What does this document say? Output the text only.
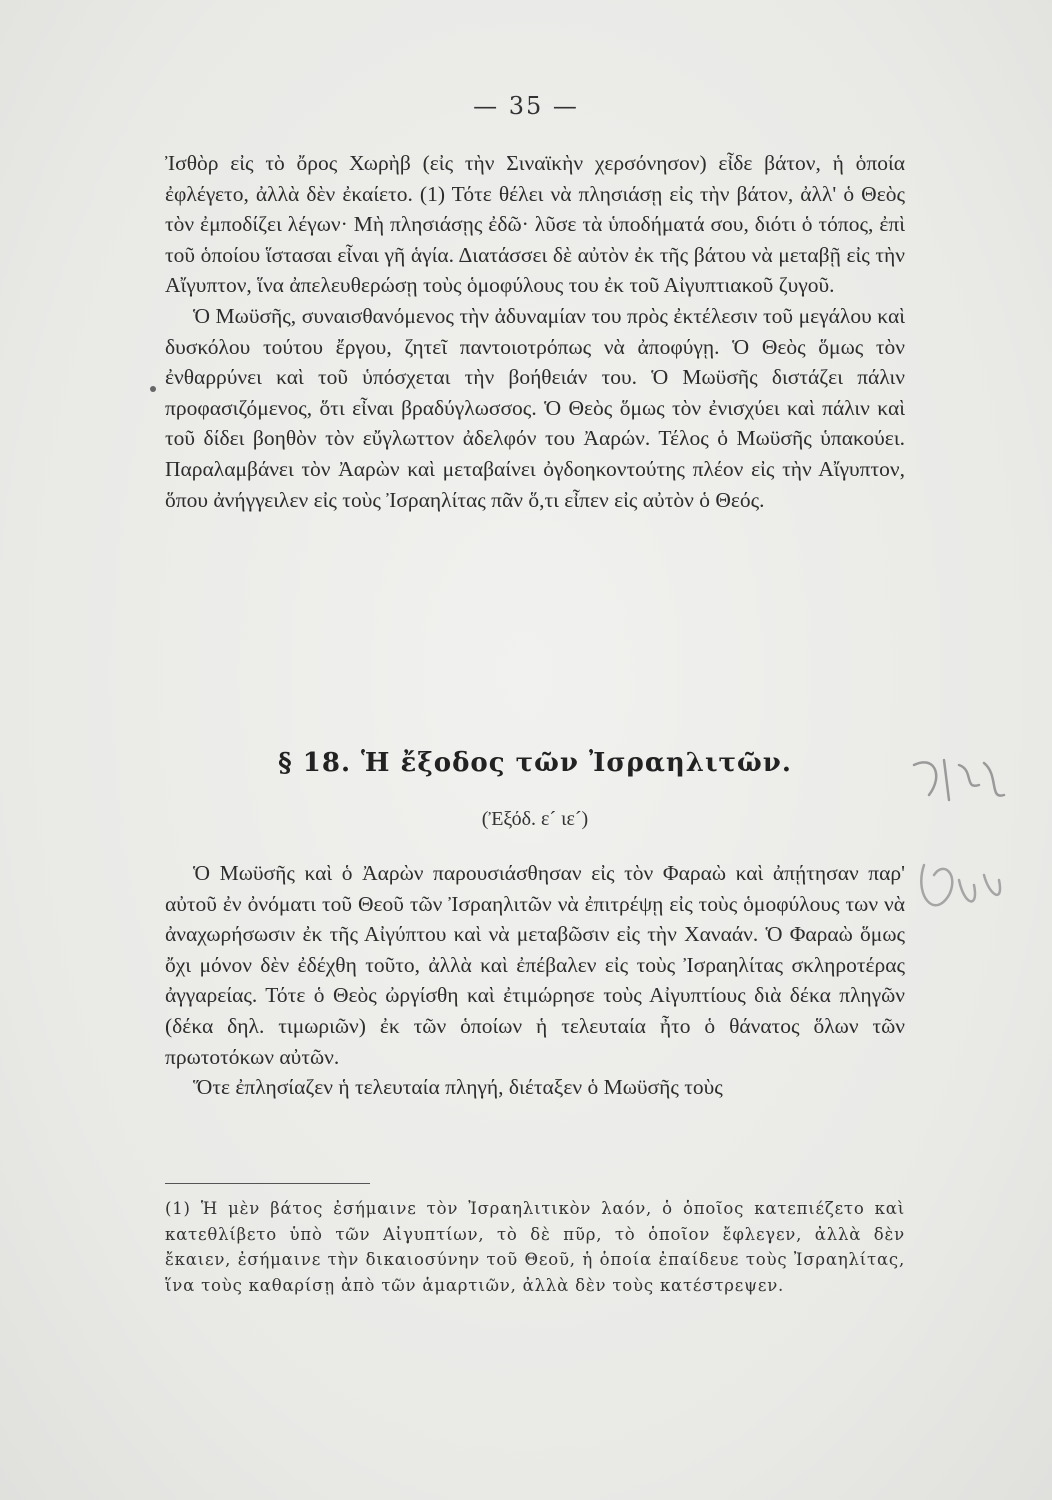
— 35 —

Ἰσθὸρ εἰς τὸ ὄρος Χωρὴβ (εἰς τὴν Σιναϊκὴν χερσόνησον) εἶδε βάτον, ἡ ὁποία ἐφλέγετο, ἀλλὰ δὲν ἐκαίετο. (1) Τότε θέλει νὰ πλησιάσῃ εἰς τὴν βάτον, ἀλλ' ὁ Θεὸς τὸν ἐμποδίζει λέγων· Μὴ πλησιάσῃς ἐδῶ· λῦσε τὰ ὑποδήματά σου, διότι ὁ τόπος, ἐπὶ τοῦ ὁποίου ἵστασαι εἶναι γῆ ἁγία. Διατάσσει δὲ αὐτὸν ἐκ τῆς βάτου νὰ μεταβῇ εἰς τὴν Αἴγυπτον, ἵνα ἀπελευθερώσῃ τοὺς ὁμοφύλους του ἐκ τοῦ Αἰγυπτιακοῦ ζυγοῦ.

Ὁ Μωϋσῆς, συναισθανόμενος τὴν ἀδυναμίαν του πρὸς ἐκτέλεσιν τοῦ μεγάλου καὶ δυσκόλου τούτου ἔργου, ζητεῖ παντοιοτρόπως νὰ ἀποφύγῃ. Ὁ Θεὸς ὅμως τὸν ἐνθαρρύνει καὶ τοῦ ὑπόσχεται τὴν βοήθειάν του. Ὁ Μωϋσῆς διστάζει πάλιν προφασιζόμενος, ὅτι εἶναι βραδύγλωσσος. Ὁ Θεὸς ὅμως τὸν ἐνισχύει καὶ πάλιν καὶ τοῦ δίδει βοηθὸν τὸν εὔγλωττον ἀδελφόν του Ἀαρών. Τέλος ὁ Μωϋσῆς ὑπακούει. Παραλαμβάνει τὸν Ἀαρὼν καὶ μεταβαίνει ὀγδοηκοντούτης πλέον εἰς τὴν Αἴγυπτον, ὅπου ἀνήγγειλεν εἰς τοὺς Ἰσραηλίτας πᾶν ὅ,τι εἶπεν εἰς αὐτὸν ὁ Θεός.

§ 18. Ἡ ἔξοδος τῶν Ἰσραηλιτῶν.
(Ἐξόδ. ε´ ιε´)

Ὁ Μωϋσῆς καὶ ὁ Ἀαρὼν παρουσιάσθησαν εἰς τὸν Φαραὼ καὶ ἀπῄτησαν παρ' αὐτοῦ ἐν ὀνόματι τοῦ Θεοῦ τῶν Ἰσραηλιτῶν νὰ ἐπιτρέψῃ εἰς τοὺς ὁμοφύλους των νὰ ἀναχωρήσωσιν ἐκ τῆς Αἰγύπτου καὶ νὰ μεταβῶσιν εἰς τὴν Χαναάν. Ὁ Φαραὼ ὅμως ὄχι μόνον δὲν ἐδέχθη τοῦτο, ἀλλὰ καὶ ἐπέβαλεν εἰς τοὺς Ἰσραηλίτας σκληροτέρας ἀγγαρείας. Τότε ὁ Θεὸς ὠργίσθη καὶ ἐτιμώρησε τοὺς Αἰγυπτίους διὰ δέκα πληγῶν (δέκα δηλ. τιμωριῶν) ἐκ τῶν ὁποίων ἡ τελευταία ἦτο ὁ θάνατος ὅλων τῶν πρωτοτόκων αὐτῶν.

Ὅτε ἐπλησίαζεν ἡ τελευταία πληγή, διέταξεν ὁ Μωϋσῆς τοὺς

(1) Ἡ μὲν βάτος ἐσήμαινε τὸν Ἰσραηλιτικὸν λαόν, ὁ ὁποῖος κατεπιέζετο καὶ κατεθλίβετο ὑπὸ τῶν Αἰγυπτίων, τὸ δὲ πῦρ, τὸ ὁποῖον ἔφλεγεν, ἀλλὰ δὲν ἔκαιεν, ἐσήμαινε τὴν δικαιοσύνην τοῦ Θεοῦ, ἡ ὁποία ἐπαίδευε τοὺς Ἰσραηλίτας, ἵνα τοὺς καθαρίσῃ ἀπὸ τῶν ἁμαρτιῶν, ἀλλὰ δὲν τοὺς κατέστρεψεν.
